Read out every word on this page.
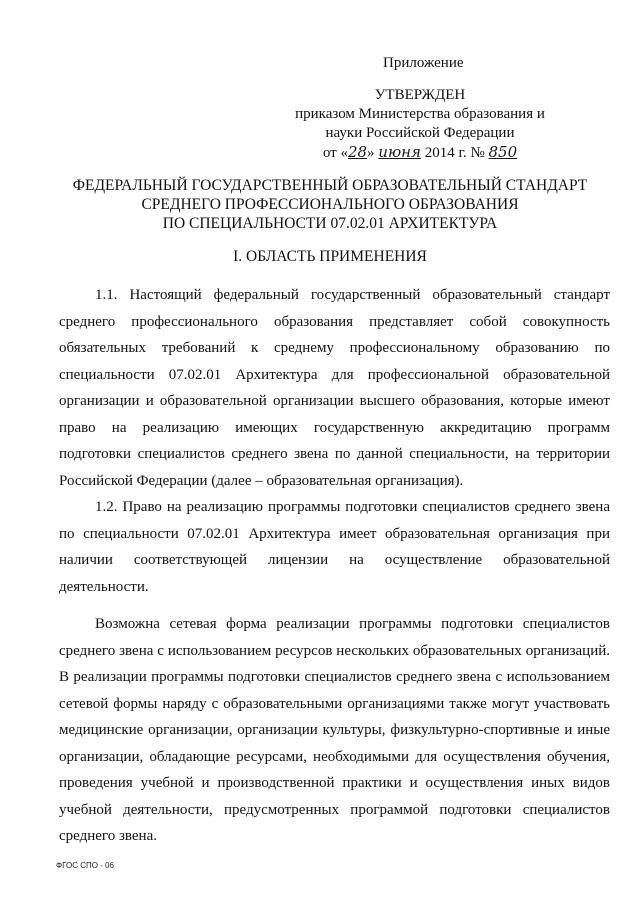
Приложение
УТВЕРЖДЕН
приказом Министерства образования и
науки Российской Федерации
от «28» июня 2014 г. № 850
ФЕДЕРАЛЬНЫЙ ГОСУДАРСТВЕННЫЙ ОБРАЗОВАТЕЛЬНЫЙ СТАНДАРТ
СРЕДНЕГО ПРОФЕССИОНАЛЬНОГО ОБРАЗОВАНИЯ
ПО СПЕЦИАЛЬНОСТИ 07.02.01 АРХИТЕКТУРА
I. ОБЛАСТЬ ПРИМЕНЕНИЯ

1.1. Настоящий федеральный государственный образовательный стандарт среднего профессионального образования представляет собой совокупность обязательных требований к среднему профессиональному образованию по специальности 07.02.01 Архитектура для профессиональной образовательной организации и образовательной организации высшего образования, которые имеют право на реализацию имеющих государственную аккредитацию программ подготовки специалистов среднего звена по данной специальности, на территории Российской Федерации (далее – образовательная организация).

1.2. Право на реализацию программы подготовки специалистов среднего звена по специальности 07.02.01 Архитектура имеет образовательная организация при наличии соответствующей лицензии на осуществление образовательной деятельности.

Возможна сетевая форма реализации программы подготовки специалистов среднего звена с использованием ресурсов нескольких образовательных организаций. В реализации программы подготовки специалистов среднего звена с использованием сетевой формы наряду с образовательными организациями также могут участвовать медицинские организации, организации культуры, физкультурно-спортивные и иные организации, обладающие ресурсами, необходимыми для осуществления обучения, проведения учебной и производственной практики и осуществления иных видов учебной деятельности, предусмотренных программой подготовки специалистов среднего звена.

ФГОС СПО - 06
